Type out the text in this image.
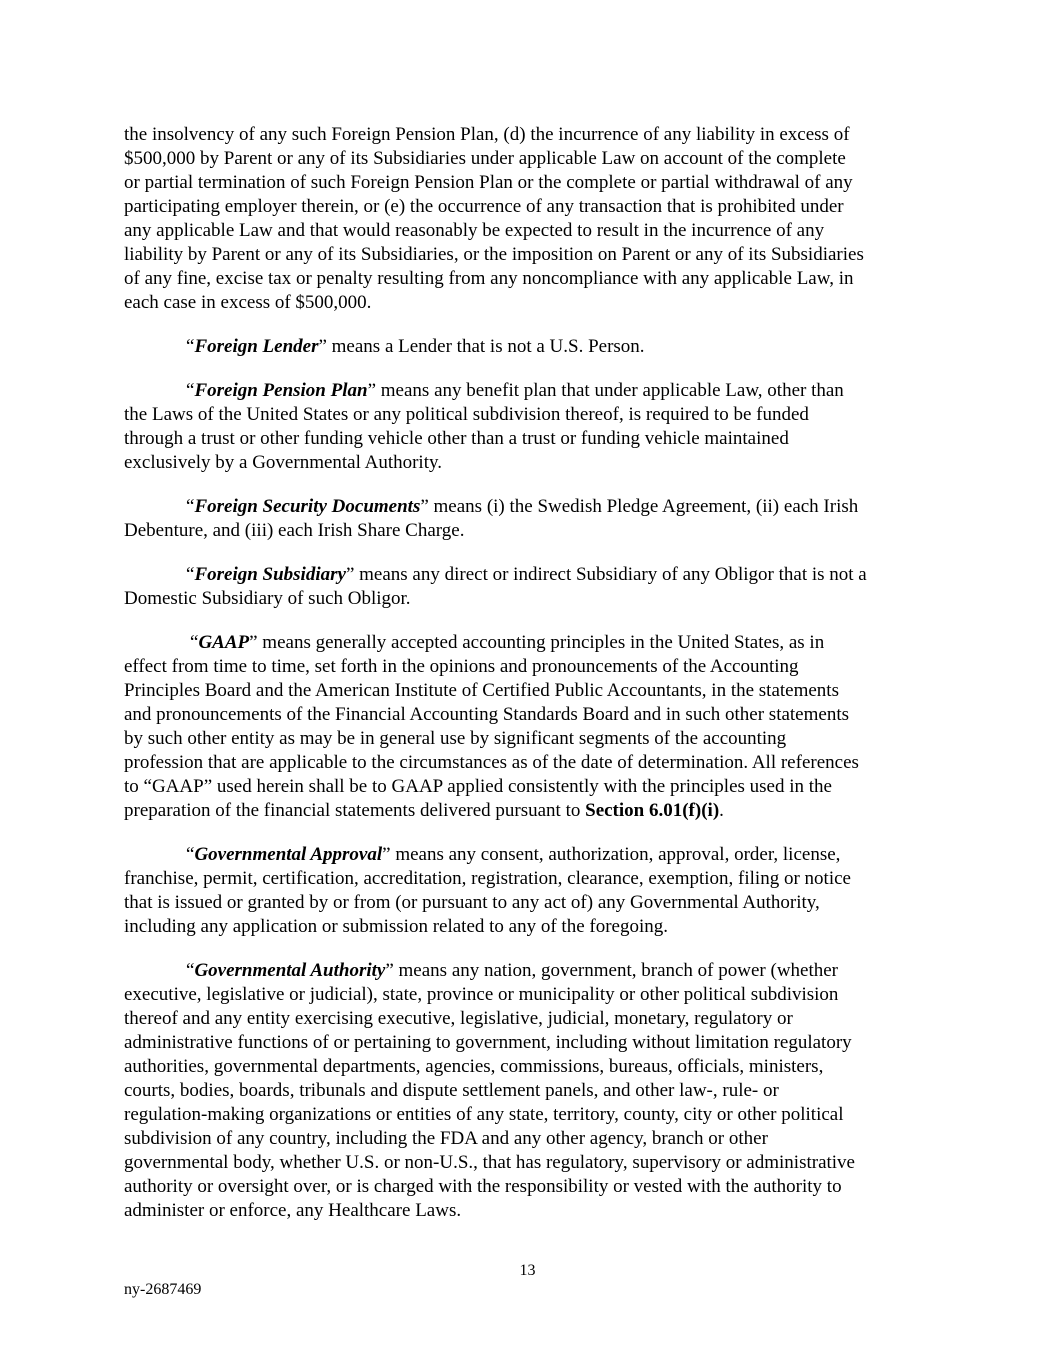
the insolvency of any such Foreign Pension Plan, (d) the incurrence of any liability in excess of
$500,000 by Parent or any of its Subsidiaries under applicable Law on account of the complete
or partial termination of such Foreign Pension Plan or the complete or partial withdrawal of any
participating employer therein, or (e) the occurrence of any transaction that is prohibited under
any applicable Law and that would reasonably be expected to result in the incurrence of any
liability by Parent or any of its Subsidiaries, or the imposition on Parent or any of its Subsidiaries
of any fine, excise tax or penalty resulting from any noncompliance with any applicable Law, in
each case in excess of $500,000.

“Foreign Lender” means a Lender that is not a U.S. Person.

“Foreign Pension Plan” means any benefit plan that under applicable Law, other than
the Laws of the United States or any political subdivision thereof, is required to be funded
through a trust or other funding vehicle other than a trust or funding vehicle maintained
exclusively by a Governmental Authority.

“Foreign Security Documents” means (i) the Swedish Pledge Agreement, (ii) each Irish
Debenture, and (iii) each Irish Share Charge.

“Foreign Subsidiary” means any direct or indirect Subsidiary of any Obligor that is not a
Domestic Subsidiary of such Obligor.

“GAAP” means generally accepted accounting principles in the United States, as in
effect from time to time, set forth in the opinions and pronouncements of the Accounting
Principles Board and the American Institute of Certified Public Accountants, in the statements
and pronouncements of the Financial Accounting Standards Board and in such other statements
by such other entity as may be in general use by significant segments of the accounting
profession that are applicable to the circumstances as of the date of determination. All references
to “GAAP” used herein shall be to GAAP applied consistently with the principles used in the
preparation of the financial statements delivered pursuant to Section 6.01(f)(i).

“Governmental Approval” means any consent, authorization, approval, order, license,
franchise, permit, certification, accreditation, registration, clearance, exemption, filing or notice
that is issued or granted by or from (or pursuant to any act of) any Governmental Authority,
including any application or submission related to any of the foregoing.

“Governmental Authority” means any nation, government, branch of power (whether
executive, legislative or judicial), state, province or municipality or other political subdivision
thereof and any entity exercising executive, legislative, judicial, monetary, regulatory or
administrative functions of or pertaining to government, including without limitation regulatory
authorities, governmental departments, agencies, commissions, bureaus, officials, ministers,
courts, bodies, boards, tribunals and dispute settlement panels, and other law-, rule- or
regulation-making organizations or entities of any state, territory, county, city or other political
subdivision of any country, including the FDA and any other agency, branch or other
governmental body, whether U.S. or non-U.S., that has regulatory, supervisory or administrative
authority or oversight over, or is charged with the responsibility or vested with the authority to
administer or enforce, any Healthcare Laws.

13
ny-2687469
